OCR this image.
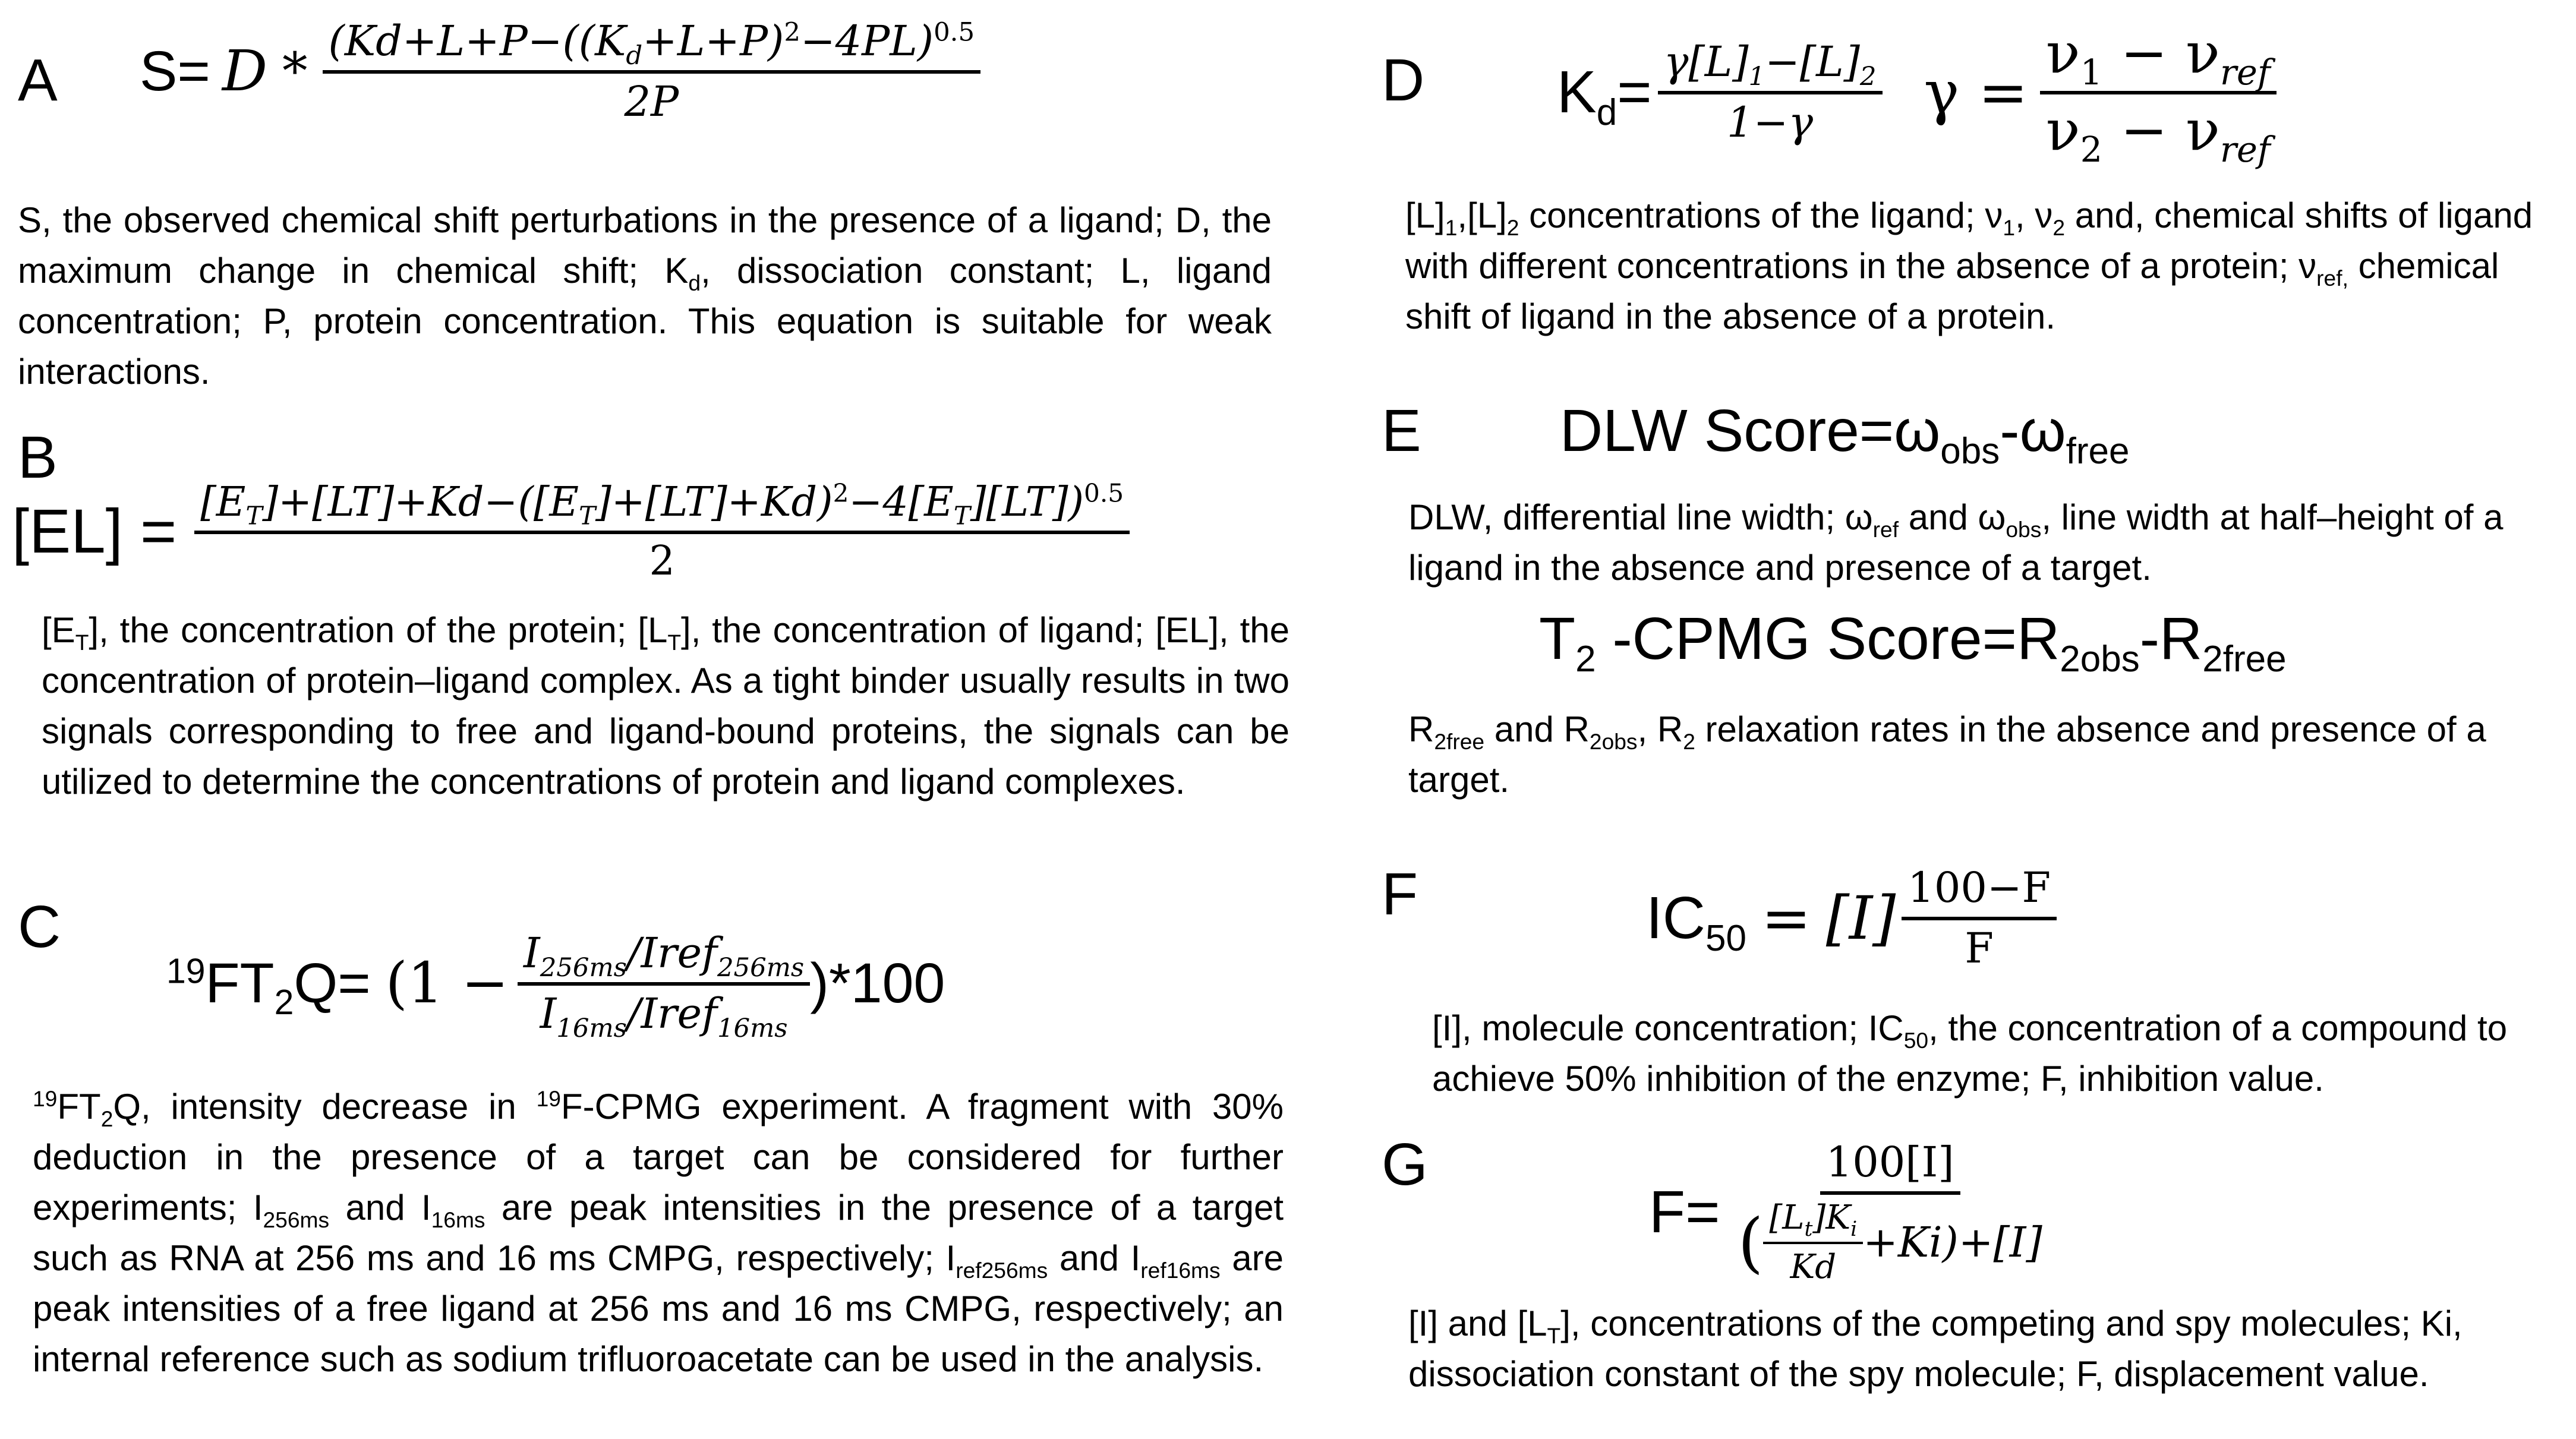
A $S= D * \frac{(Kd+L+P-((K_d+L+P)^2-4PL)^{0.5}}{2P}$

S, the observed chemical shift perturbations in the presence of a ligand; D, the maximum change in chemical shift; $K_d$, dissociation constant; L, ligand concentration; P, protein concentration. This equation is suitable for weak interactions.

B
$[EL] = \frac{[E_T]+[LT]+Kd-([E_T]+[LT]+Kd)^2-4[E_T][LT])^{0.5}}{2}$

$[E_T]$, the concentration of the protein; $[L_T]$, the concentration of ligand; [EL], the concentration of protein–ligand complex. As a tight binder usually results in two signals corresponding to free and ligand-bound proteins, the signals can be utilized to determine the concentrations of protein and ligand complexes.

C
$^{19}FT_2Q= (1 - \frac{I_{256ms}/Iref_{256ms}}{I_{16ms}/Iref_{16ms}} )*100$

$^{19}FT_2Q$, intensity decrease in $^{19}$F-CPMG experiment. A fragment with 30% deduction in the presence of a target can be considered for further experiments; $I_{256ms}$ and $I_{16ms}$ are peak intensities in the presence of a target such as RNA at 256 ms and 16 ms CMPG, respectively; $I_{ref256ms}$ and $I_{ref16ms}$ are peak intensities of a free ligand at 256 ms and 16 ms CMPG, respectively; an internal reference such as sodium trifluoroacetate can be used in the analysis.

D $K_d= \frac{\gamma[L]_1-[L]_2}{1-\gamma}$ $\gamma = \frac{\nu_1 - \nu_{ref}}{\nu_2 - \nu_{ref}}$

$[L]_1,[L]_2$ concentrations of the ligand; $\nu_1$, $\nu_2$ and, chemical shifts of ligand with different concentrations in the absence of a protein; $\nu_{ref,}$ chemical shift of ligand in the absence of a protein.

E DLW $Score=\omega_{obs}-\omega_{free}$

DLW, differential line width; $\omega_{ref}$ and $\omega_{obs}$, line width at half–height of a ligand in the absence and presence of a target.

$T_2$ -CPMG $Score=R_{2obs}-R_{2free}$

$R_{2free}$ and $R_{2obs}$, $R_2$ relaxation rates in the absence and presence of a target.

F	$IC_{50} = [I] \frac{100-F}{F}$

[I], molecule concentration; $IC_{50}$, the concentration of a compound to achieve 50% inhibition of the enzyme; F, inhibition value.

G
$F= \frac{100[I]}{( \frac{[L_t]K_i}{Kd} +Ki)+[I]}$

[I] and $[L_T]$, concentrations of the competing and spy molecules; Ki, dissociation constant of the spy molecule; F, displacement value.
